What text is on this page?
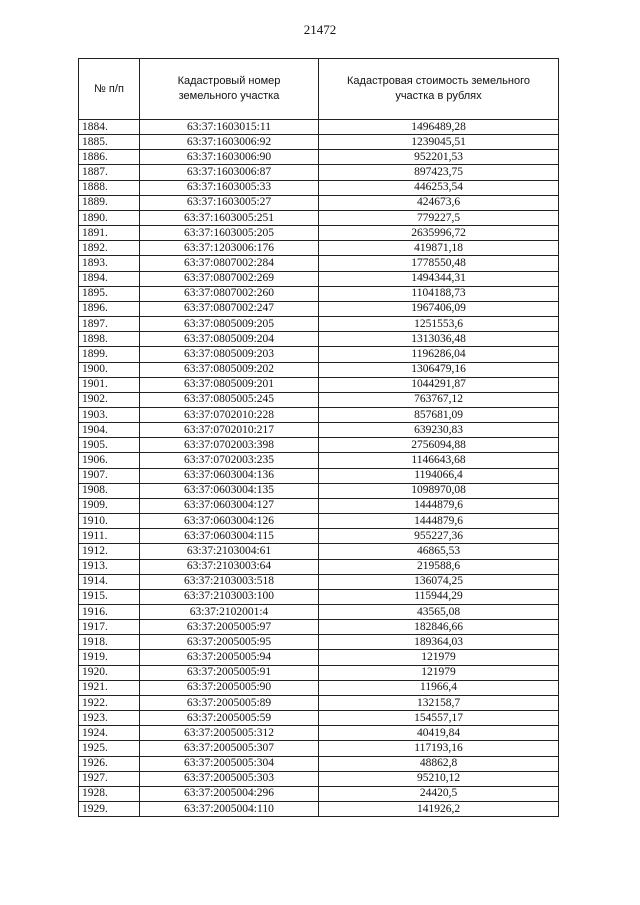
21472
№ п/п	Кадастровый номер земельного участка	Кадастровая стоимость земельного участка в рублях
1884.	63:37:1603015:11	1496489,28
1885.	63:37:1603006:92	1239045,51
1886.	63:37:1603006:90	952201,53
1887.	63:37:1603006:87	897423,75
1888.	63:37:1603005:33	446253,54
1889.	63:37:1603005:27	424673,6
1890.	63:37:1603005:251	779227,5
1891.	63:37:1603005:205	2635996,72
1892.	63:37:1203006:176	419871,18
1893.	63:37:0807002:284	1778550,48
1894.	63:37:0807002:269	1494344,31
1895.	63:37:0807002:260	1104188,73
1896.	63:37:0807002:247	1967406,09
1897.	63:37:0805009:205	1251553,6
1898.	63:37:0805009:204	1313036,48
1899.	63:37:0805009:203	1196286,04
1900.	63:37:0805009:202	1306479,16
1901.	63:37:0805009:201	1044291,87
1902.	63:37:0805005:245	763767,12
1903.	63:37:0702010:228	857681,09
1904.	63:37:0702010:217	639230,83
1905.	63:37:0702003:398	2756094,88
1906.	63:37:0702003:235	1146643,68
1907.	63:37:0603004:136	1194066,4
1908.	63:37:0603004:135	1098970,08
1909.	63:37:0603004:127	1444879,6
1910.	63:37:0603004:126	1444879,6
1911.	63:37:0603004:115	955227,36
1912.	63:37:2103004:61	46865,53
1913.	63:37:2103003:64	219588,6
1914.	63:37:2103003:518	136074,25
1915.	63:37:2103003:100	115944,29
1916.	63:37:2102001:4	43565,08
1917.	63:37:2005005:97	182846,66
1918.	63:37:2005005:95	189364,03
1919.	63:37:2005005:94	121979
1920.	63:37:2005005:91	121979
1921.	63:37:2005005:90	11966,4
1922.	63:37:2005005:89	132158,7
1923.	63:37:2005005:59	154557,17
1924.	63:37:2005005:312	40419,84
1925.	63:37:2005005:307	117193,16
1926.	63:37:2005005:304	48862,8
1927.	63:37:2005005:303	95210,12
1928.	63:37:2005004:296	24420,5
1929.	63:37:2005004:110	141926,2
